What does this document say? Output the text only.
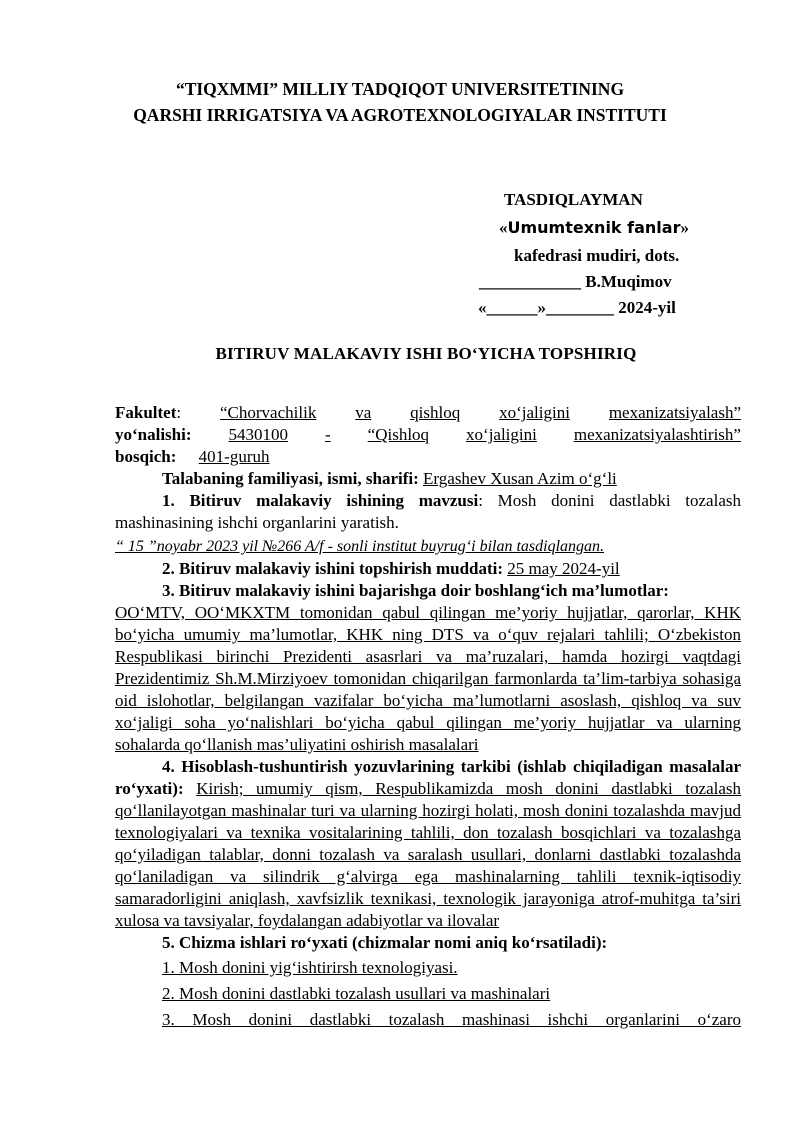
“TIQXMMI” MILLIY TADQIQOT UNIVERSITETINING
QARSHI IRRIGATSIYA VA AGROTEXNOLOGIYALAR INSTITUTI
TASDIQLAYMAN
«Umumtexnik fanlar»
kafedrasi mudiri, dots.
____________ B.Muqimov
«______»________ 2024-yil
BITIRUV MALAKAVIY ISHI BO‘YICHA TOPSHIRIQ
Fakultet: “Chorvachilik va qishloq xo‘jaligini mexanizatsiyalash”
yo‘nalishi: 5430100 - “Qishloq xo‘jaligini mexanizatsiyalashtirish”
bosqich: 401-guruh
Talabaning familiyasi, ismi, sharifi: Ergashev Xusan Azim o‘g‘li
1. Bitiruv malakaviy ishining mavzusi: Mosh donini dastlabki tozalash mashinasining ishchi organlarini yaratish.
“ 15 ”noyabr 2023 yil №266 A/f - sonli institut buyrug‘i bilan tasdiqlangan.
2. Bitiruv malakaviy ishini topshirish muddati: 25 may 2024-yil
3. Bitiruv malakaviy ishini bajarishga doir boshlang‘ich ma’lumotlar:
OO‘MTV, OO‘MKXTM tomonidan qabul qilingan me’yoriy hujjatlar, qarorlar, KHK bo‘yicha umumiy ma’lumotlar, KHK ning DTS va o‘quv rejalari tahlili; O‘zbekiston Respublikasi birinchi Prezidenti asasrlari va ma’ruzalari, hamda hozirgi vaqtdagi Prezidentimiz Sh.M.Mirziyoev tomonidan chiqarilgan farmonlarda ta’lim-tarbiya sohasiga oid islohotlar, belgilangan vazifalar bo‘yicha ma’lumotlarni asoslash, qishloq va suv xo‘jaligi soha yo‘nalishlari bo‘yicha qabul qilingan me’yoriy hujjatlar va ularning sohalarda qo‘llanish mas’uliyatini oshirish masalalari
4. Hisoblash-tushuntirish yozuvlarining tarkibi (ishlab chiqiladigan masalalar ro‘yxati): Kirish; umumiy qism, Respublikamizda mosh donini dastlabki tozalash qo‘llanilayotgan mashinalar turi va ularning hozirgi holati, mosh donini tozalashda mavjud texnologiyalari va texnika vositalarining tahlili, don tozalash bosqichlari va tozalashga qo‘yiladigan talablar, donni tozalash va saralash usullari, donlarni dastlabki tozalashda qo‘laniladigan va silindrik g‘alvirga ega mashinalarning tahlili texnik-iqtisodiy samaradorligini aniqlash, xavfsizlik texnikasi, texnologik jarayoniga atrof-muhitga ta’siri xulosa va tavsiyalar, foydalangan adabiyotlar va ilovalar
5. Chizma ishlari ro‘yxati (chizmalar nomi aniq ko‘rsatiladi):
1. Mosh donini yig‘ishtirirsh texnologiyasi.
2. Mosh donini dastlabki tozalash usullari va mashinalari
3. Mosh donini dastlabki tozalash mashinasi ishchi organlarini o‘zaro
